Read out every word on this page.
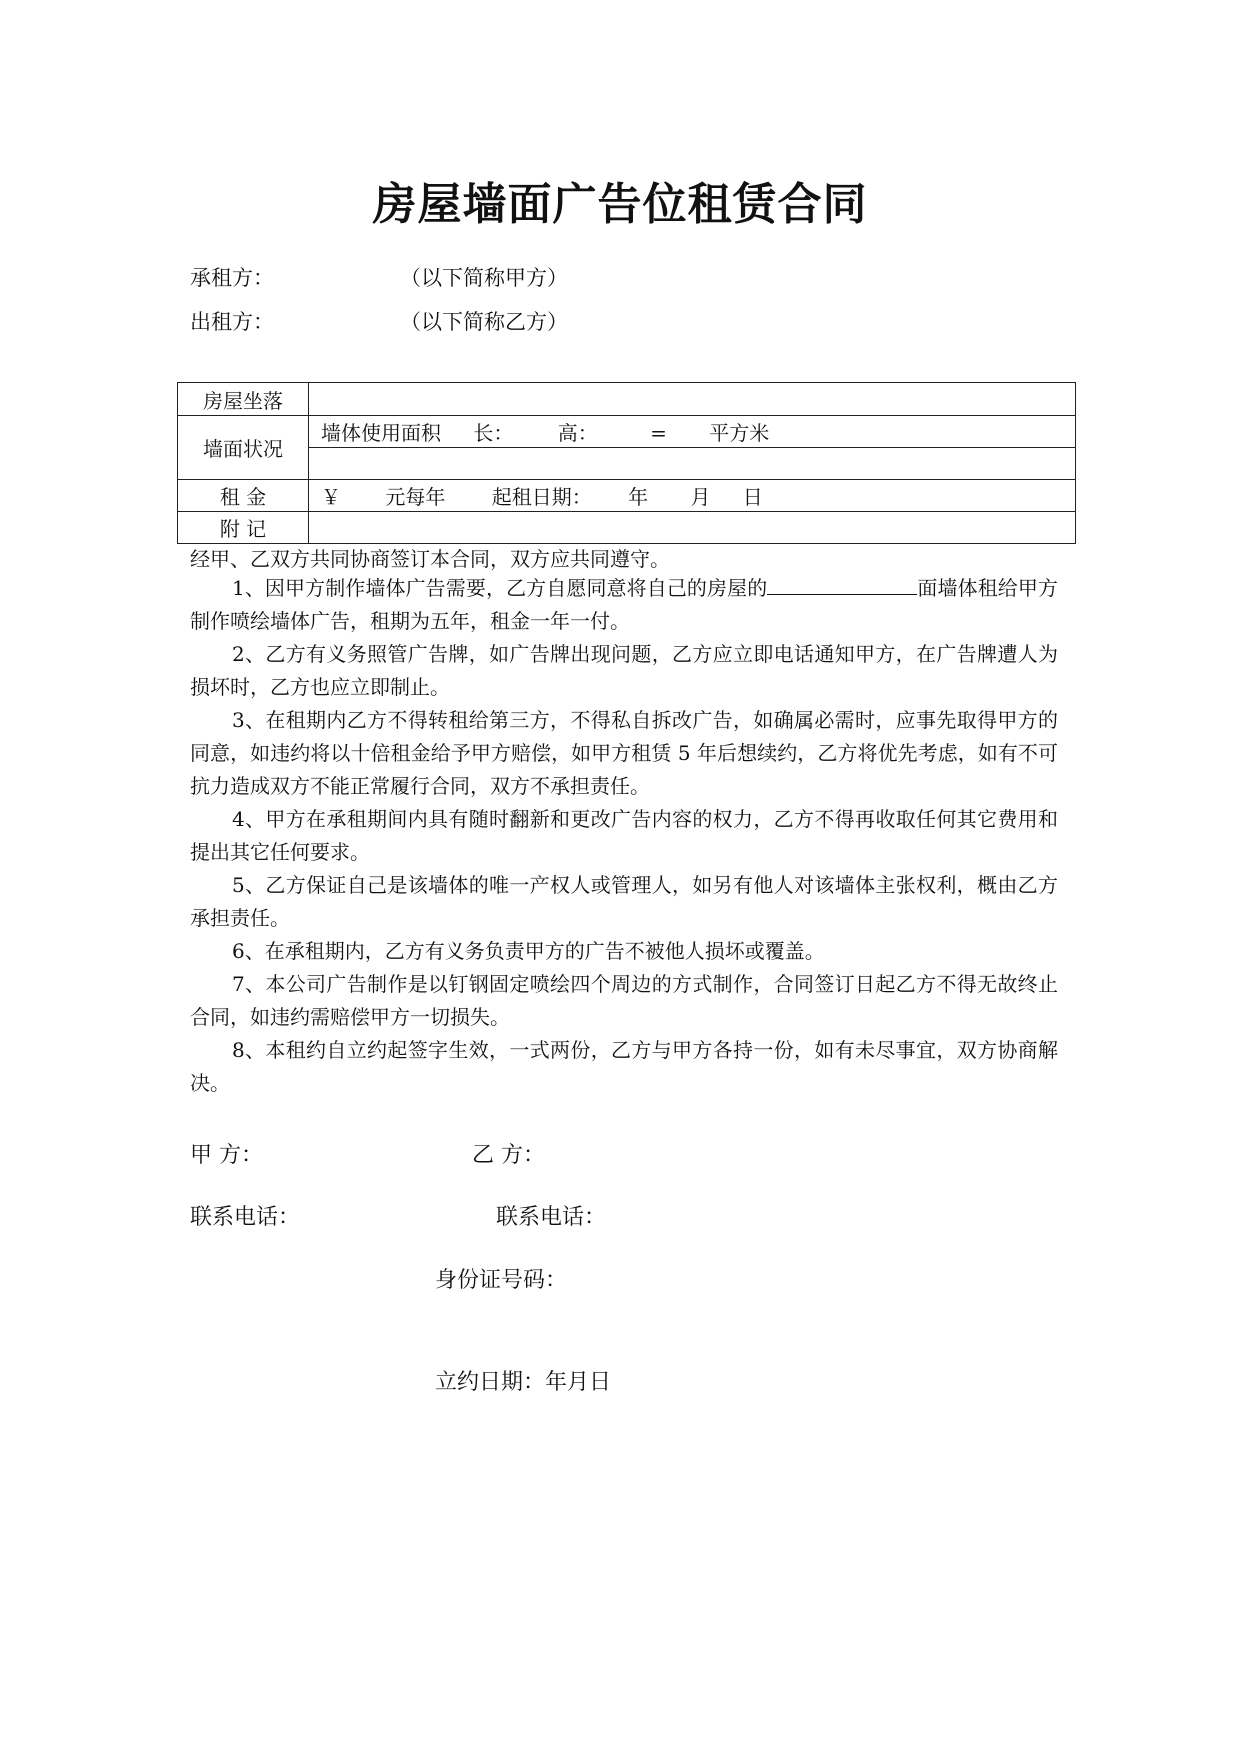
房屋墙面广告位租赁合同
承租方：	（以下简称甲方）
出租方：	（以下简称乙方）
房屋坐落	
墙面状况	墙体使用面积 长： 高： = 平方米

租 金	￥ 元每年 起租日期： 年 月 日
附 记	
经甲、乙双方共同协商签订本合同，双方应共同遵守。

1、因甲方制作墙体广告需要，乙方自愿同意将自己的房屋的	面墙体租给甲方制作喷绘墙体广告，租期为五年，租金一年一付。

2、乙方有义务照管广告牌，如广告牌出现问题，乙方应立即电话通知甲方，在广告牌遭人为损坏时，乙方也应立即制止。

3、在租期内乙方不得转租给第三方，不得私自拆改广告，如确属必需时，应事先取得甲方的同意，如违约将以十倍租金给予甲方赔偿，如甲方租赁 5 年后想续约，乙方将优先考虑，如有不可抗力造成双方不能正常履行合同，双方不承担责任。

4、甲方在承租期间内具有随时翻新和更改广告内容的权力，乙方不得再收取任何其它费用和提出其它任何要求。

5、乙方保证自己是该墙体的唯一产权人或管理人，如另有他人对该墙体主张权利，概由乙方承担责任。

6、在承租期内，乙方有义务负责甲方的广告不被他人损坏或覆盖。

7、本公司广告制作是以钉钢固定喷绘四个周边的方式制作，合同签订日起乙方不得无故终止合同，如违约需赔偿甲方一切损失。

8、本租约自立约起签字生效，一式两份，乙方与甲方各持一份，如有未尽事宜，双方协商解决。

甲 方：	乙 方：
联系电话：	联系电话：
身份证号码：
立约日期：年月日
